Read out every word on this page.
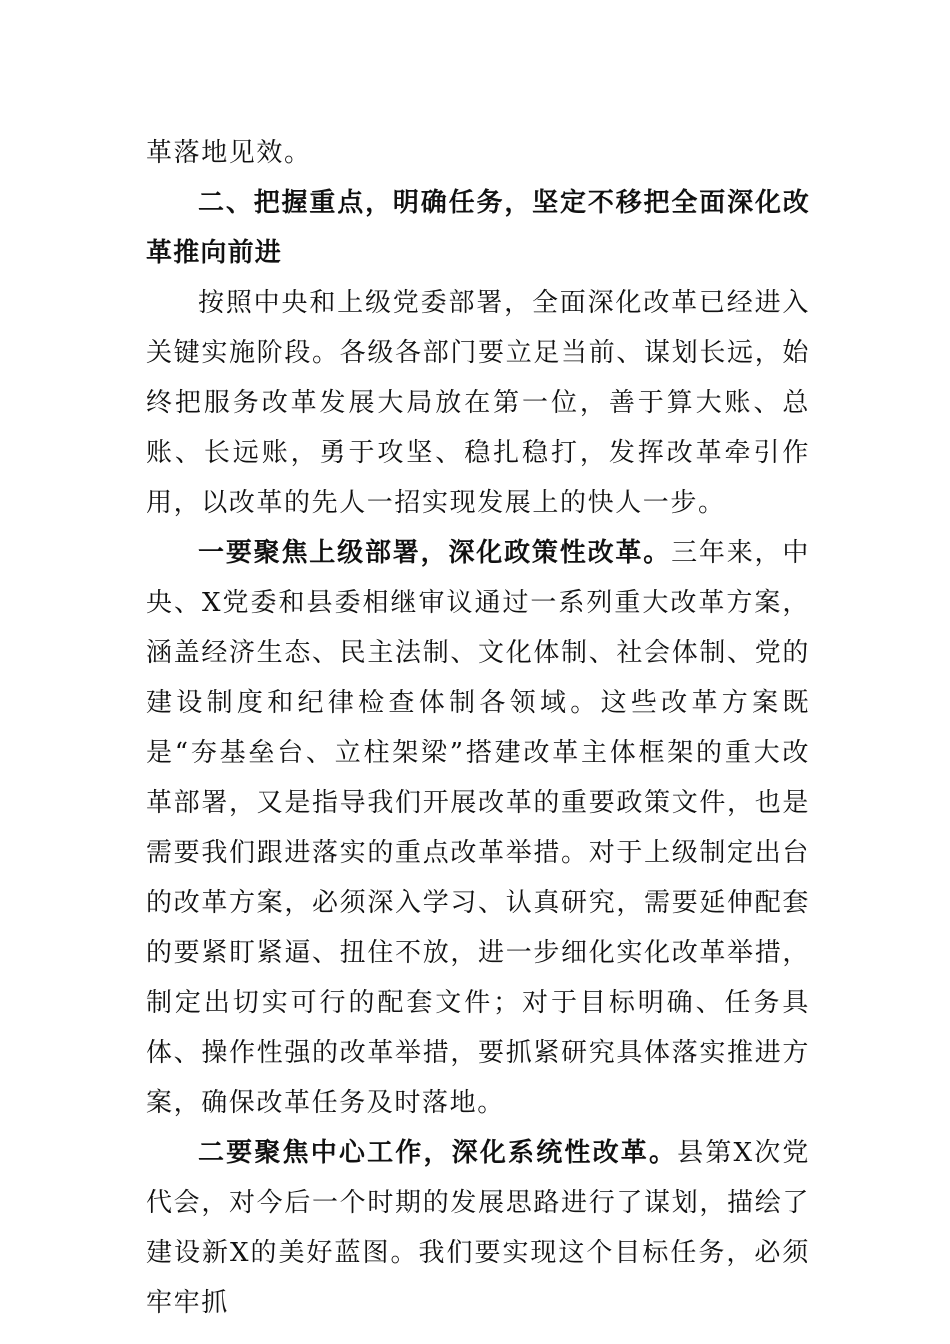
革落地见效。

二、把握重点，明确任务，坚定不移把全面深化改革推向前进

按照中央和上级党委部署，全面深化改革已经进入关键实施阶段。各级各部门要立足当前、谋划长远，始终把服务改革发展大局放在第一位，善于算大账、总账、长远账，勇于攻坚、稳扎稳打，发挥改革牵引作用，以改革的先人一招实现发展上的快人一步。

一要聚焦上级部署，深化政策性改革。三年来，中央、X党委和县委相继审议通过一系列重大改革方案，涵盖经济生态、民主法制、文化体制、社会体制、党的建设制度和纪律检查体制各领域。这些改革方案既是“夯基垒台、立柱架梁”搭建改革主体框架的重大改革部署，又是指导我们开展改革的重要政策文件，也是需要我们跟进落实的重点改革举措。对于上级制定出台的改革方案，必须深入学习、认真研究，需要延伸配套的要紧盯紧逼、扭住不放，进一步细化实化改革举措，制定出切实可行的配套文件；对于目标明确、任务具体、操作性强的改革举措，要抓紧研究具体落实推进方案，确保改革任务及时落地。

二要聚焦中心工作，深化系统性改革。县第X次党代会，对今后一个时期的发展思路进行了谋划，描绘了建设新X的美好蓝图。我们要实现这个目标任务，必须牢牢抓
